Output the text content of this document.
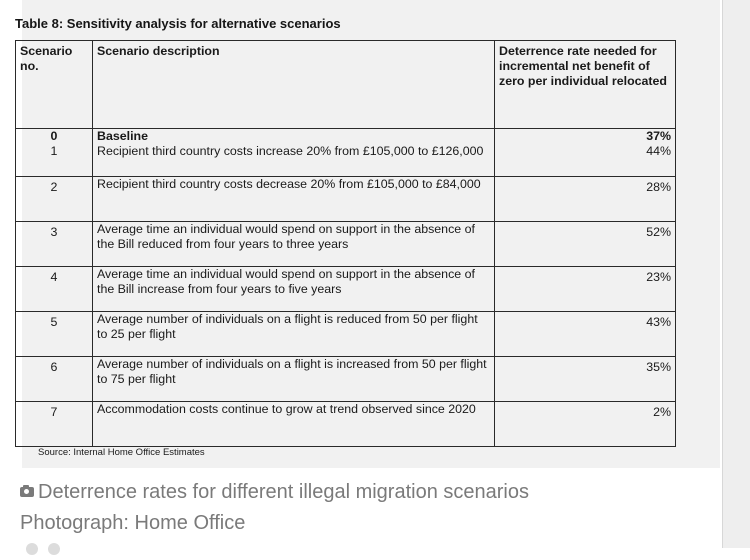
Table 8: Sensitivity analysis for alternative scenarios
Scenario no.	Scenario description	Deterrence rate needed for incremental net benefit of zero per individual relocated
0	Baseline	37%
1	Recipient third country costs increase 20% from £105,000 to £126,000	44%
2	Recipient third country costs decrease 20% from £105,000 to £84,000	28%
3	Average time an individual would spend on support in the absence of the Bill reduced from four years to three years	52%
4	Average time an individual would spend on support in the absence of the Bill increase from four years to five years	23%
5	Average number of individuals on a flight is reduced from 50 per flight to 25 per flight	43%
6	Average number of individuals on a flight is increased from 50 per flight to 75 per flight	35%
7	Accommodation costs continue to grow at trend observed since 2020	2%
Source: Internal Home Office Estimates
Deterrence rates for different illegal migration scenarios
Photograph: Home Office
